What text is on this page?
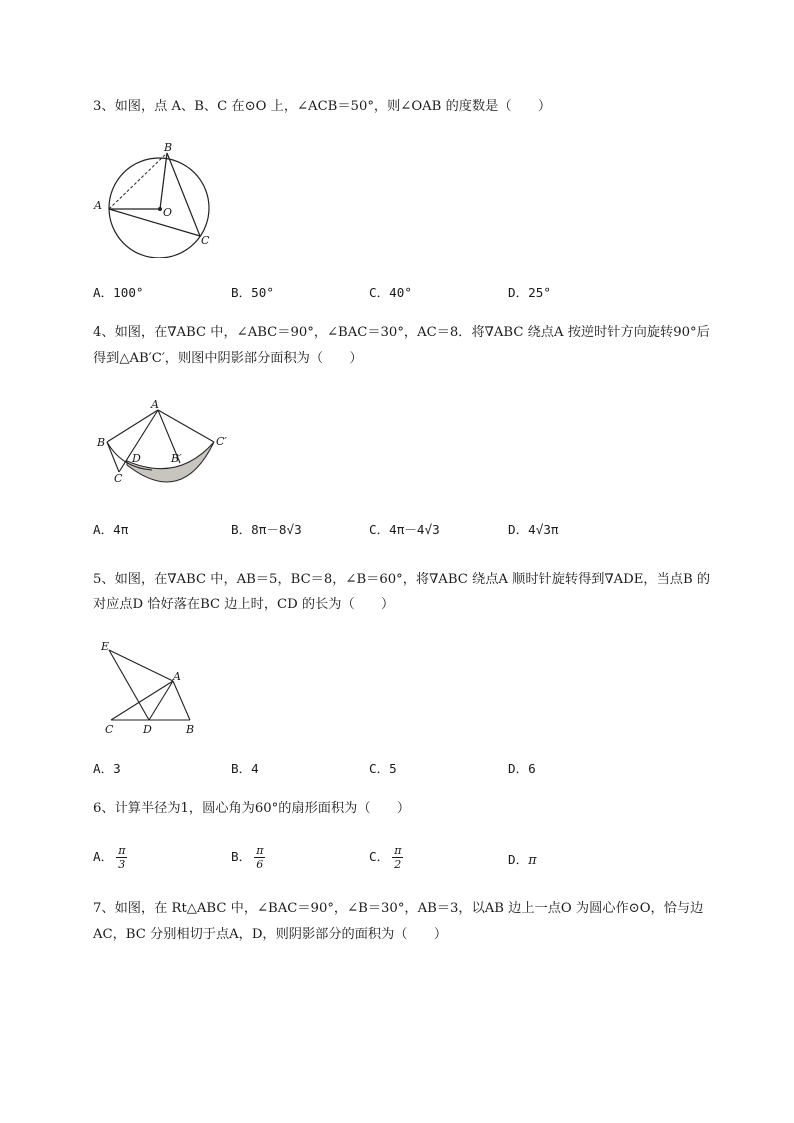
3、如图，点 A、B、C 在⊙O 上，∠ACB＝50°，则∠OAB 的度数是（　　）
A
B
C
O
A．100°	B．50°	C．40°	D．25°
4、如图，在∇ABC 中，∠ABC＝90°，∠BAC＝30°，AC＝8．将∇ABC 绕点A 按逆时针方向旋转90°后
得到△AB′C′，则图中阴影部分面积为（　　）
A
B
C
D	B′
C′
A．4π	B．8π－8√3	C．4π－4√3	D．4√3π
5、如图，在∇ABC 中，AB＝5，BC＝8，∠B＝60°，将∇ABC 绕点A 顺时针旋转得到∇ADE，当点B 的
对应点D 恰好落在BC 边上时，CD 的长为（　　）
E
A
C	D	B
A．3	B．4	C．5	D．6
6、计算半径为1，圆心角为60°的扇形面积为（　　）
A． $\frac{\pi}{3}$	B． $\frac{\pi}{6}$	C． $\frac{\pi}{2}$	D．π
7、如图，在 Rt△ABC 中，∠BAC＝90°，∠B＝30°，AB＝3，以AB 边上一点O 为圆心作⊙O，恰与边
AC，BC 分别相切于点A，D，则阴影部分的面积为（　　）
